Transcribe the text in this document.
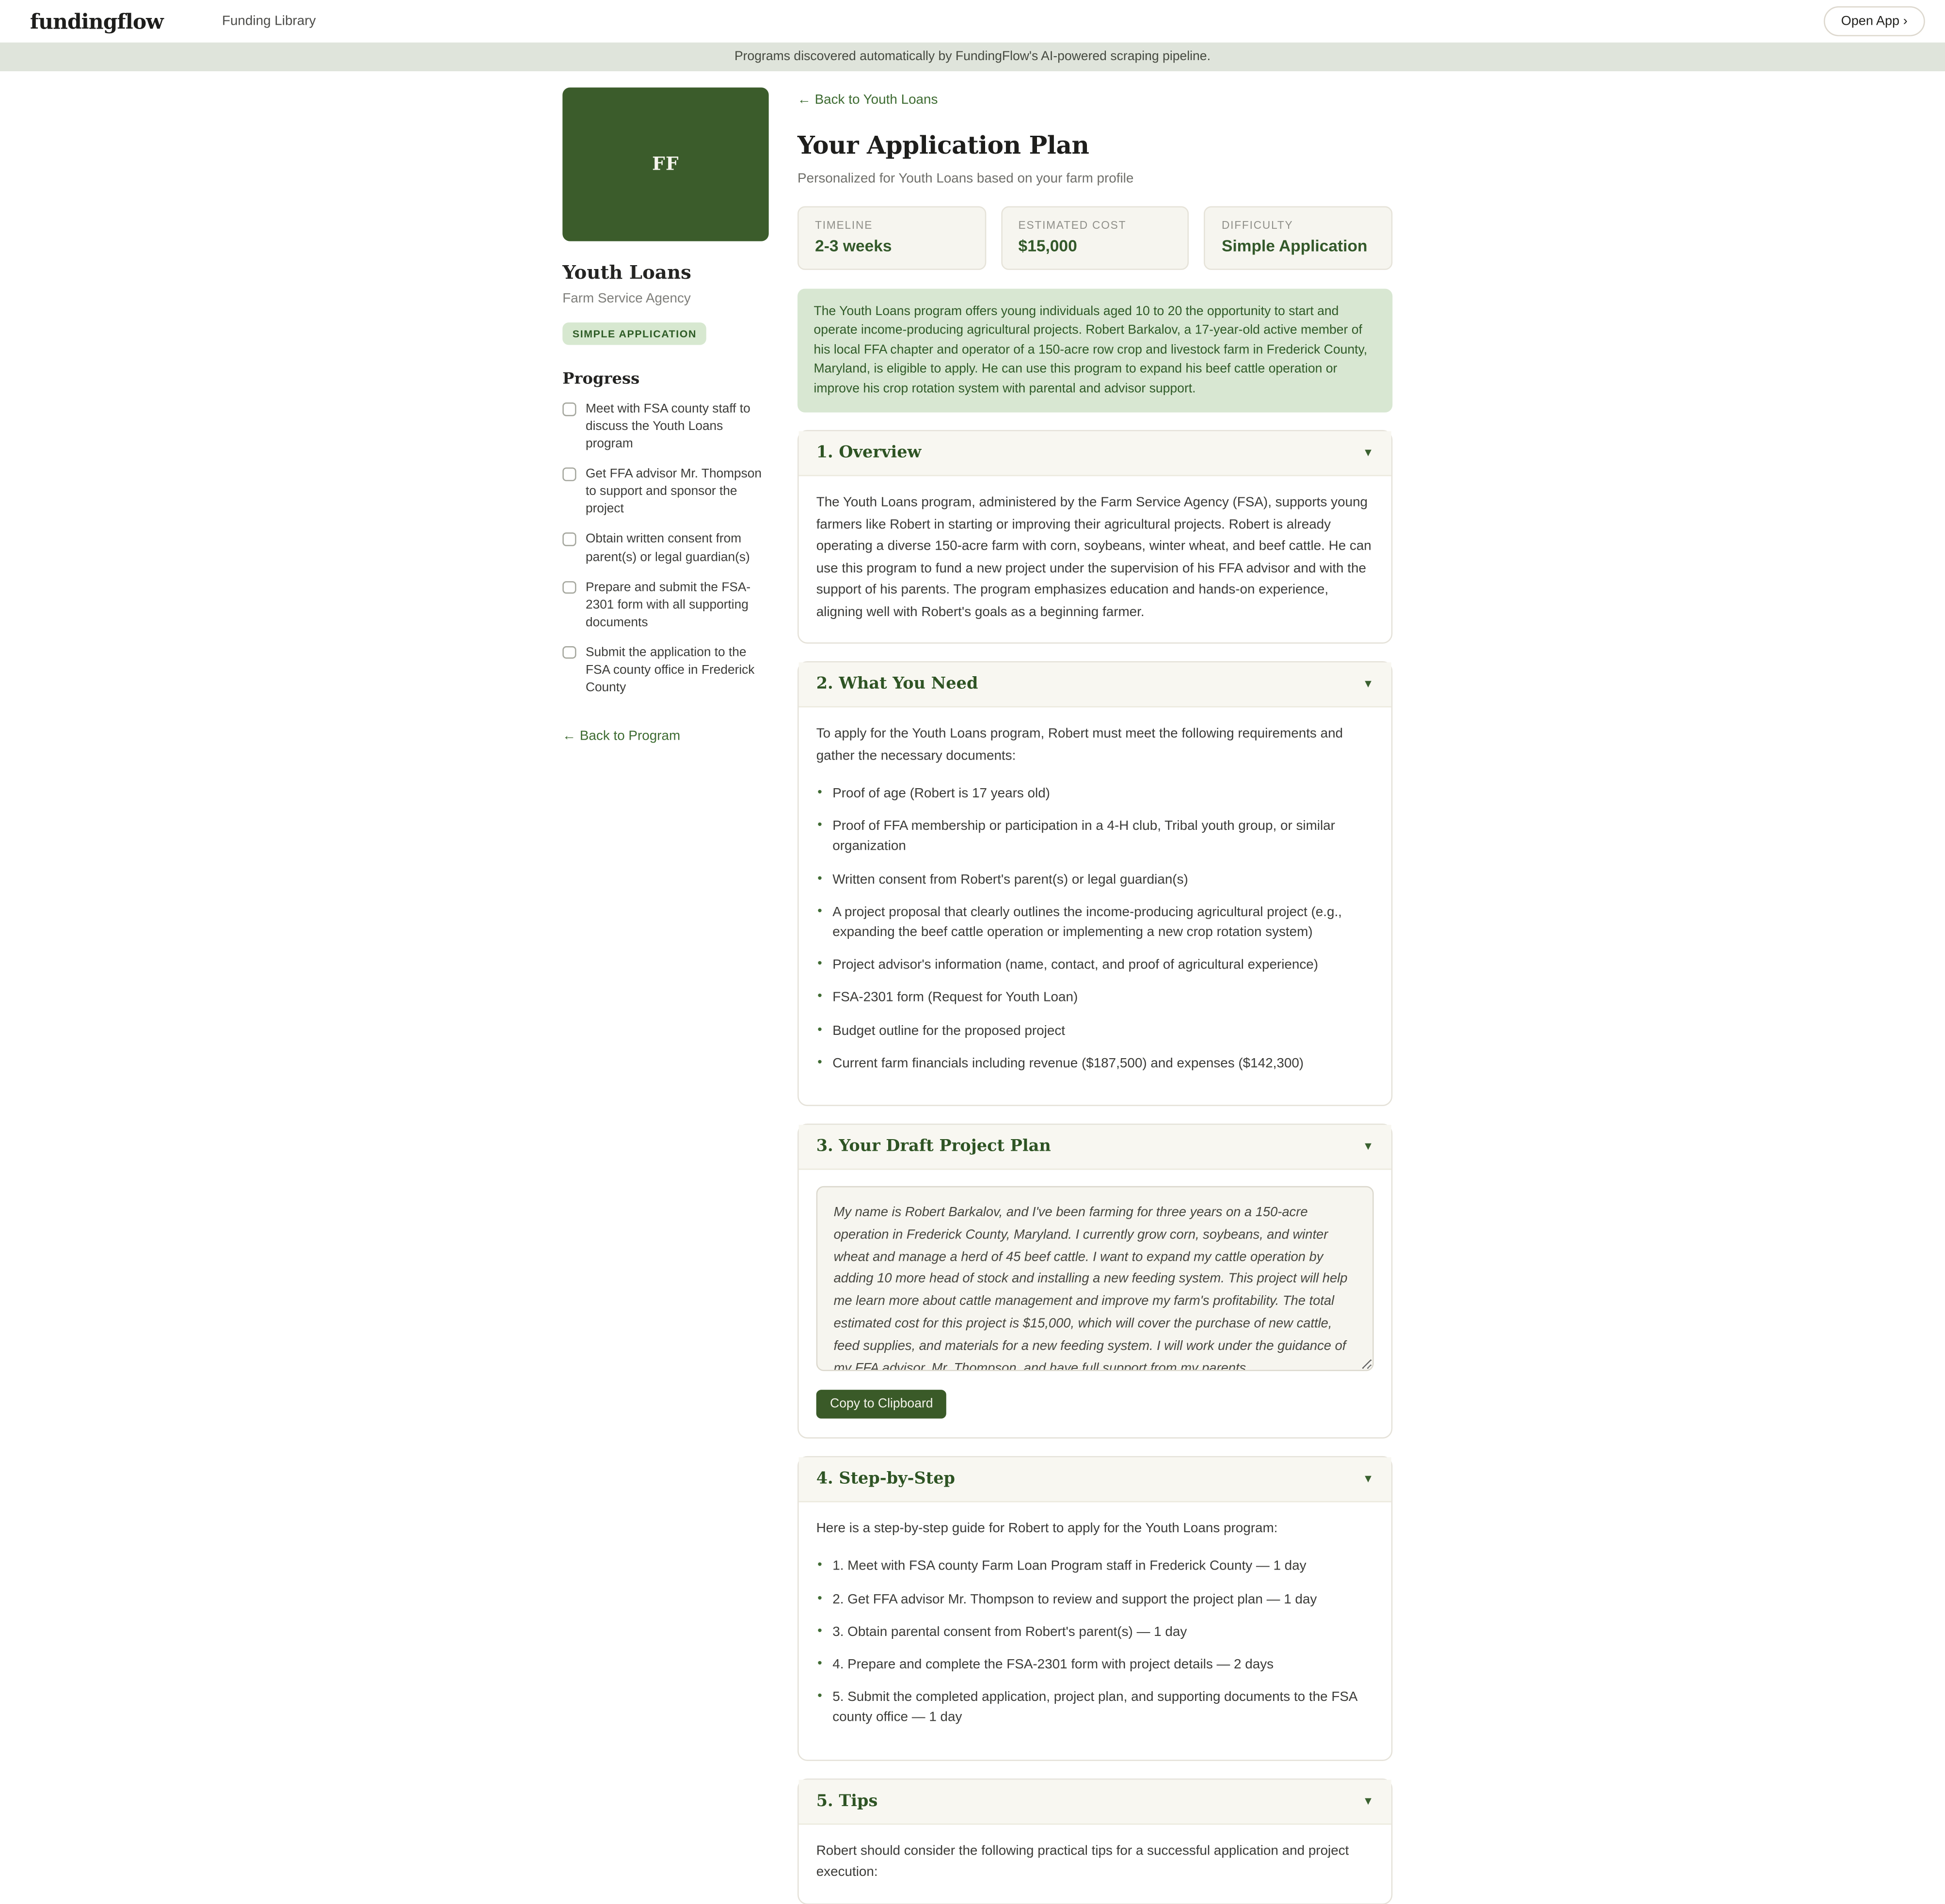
fundingflow	Funding Library	Open App ›
Programs discovered automatically by FundingFlow's AI-powered scraping pipeline.
FF
Youth Loans
Farm Service Agency
SIMPLE APPLICATION
Progress
Meet with FSA county staff to discuss the Youth Loans program
Get FFA advisor Mr. Thompson to support and sponsor the project
Obtain written consent from parent(s) or legal guardian(s)
Prepare and submit the FSA-2301 form with all supporting documents
Submit the application to the FSA county office in Frederick County
← Back to Program
← Back to Youth Loans
Your Application Plan
Personalized for Youth Loans based on your farm profile
TIMELINE
2-3 weeks
ESTIMATED COST
$15,000
DIFFICULTY
Simple Application
The Youth Loans program offers young individuals aged 10 to 20 the opportunity to start and operate income-producing agricultural projects. Robert Barkalov, a 17-year-old active member of his local FFA chapter and operator of a 150-acre row crop and livestock farm in Frederick County, Maryland, is eligible to apply. He can use this program to expand his beef cattle operation or improve his crop rotation system with parental and advisor support.
1. Overview	▼

The Youth Loans program, administered by the Farm Service Agency (FSA), supports young farmers like Robert in starting or improving their agricultural projects. Robert is already operating a diverse 150-acre farm with corn, soybeans, winter wheat, and beef cattle. He can use this program to fund a new project under the supervision of his FFA advisor and with the support of his parents. The program emphasizes education and hands-on experience, aligning well with Robert's goals as a beginning farmer.

2. What You Need	▼

To apply for the Youth Loans program, Robert must meet the following requirements and gather the necessary documents:

• Proof of age (Robert is 17 years old)
• Proof of FFA membership or participation in a 4-H club, Tribal youth group, or similar organization
• Written consent from Robert's parent(s) or legal guardian(s)
• A project proposal that clearly outlines the income-producing agricultural project (e.g., expanding the beef cattle operation or implementing a new crop rotation system)
• Project advisor's information (name, contact, and proof of agricultural experience)
• FSA-2301 form (Request for Youth Loan)
• Budget outline for the proposed project
• Current farm financials including revenue ($187,500) and expenses ($142,300)
3. Your Draft Project Plan	▼
My name is Robert Barkalov, and I've been farming for three years on a 150-acre operation in Frederick County, Maryland. I currently grow corn, soybeans, and winter wheat and manage a herd of 45 beef cattle. I want to expand my cattle operation by adding 10 more head of stock and installing a new feeding system. This project will help me learn more about cattle management and improve my farm's profitability. The total estimated cost for this project is $15,000, which will cover the purchase of new cattle, feed supplies, and materials for a new feeding system. I will work under the guidance of my FFA advisor, Mr. Thompson, and have full support from my parents. Copy to Clipboard
4. Step-by-Step	▼

Here is a step-by-step guide for Robert to apply for the Youth Loans program:

• 1. Meet with FSA county Farm Loan Program staff in Frederick County — 1 day
• 2. Get FFA advisor Mr. Thompson to review and support the project plan — 1 day
• 3. Obtain parental consent from Robert's parent(s) — 1 day
• 4. Prepare and complete the FSA-2301 form with project details — 2 days
• 5. Submit the completed application, project plan, and supporting documents to the FSA county office — 1 day
5. Tips	▼

Robert should consider the following practical tips for a successful application and project execution:
